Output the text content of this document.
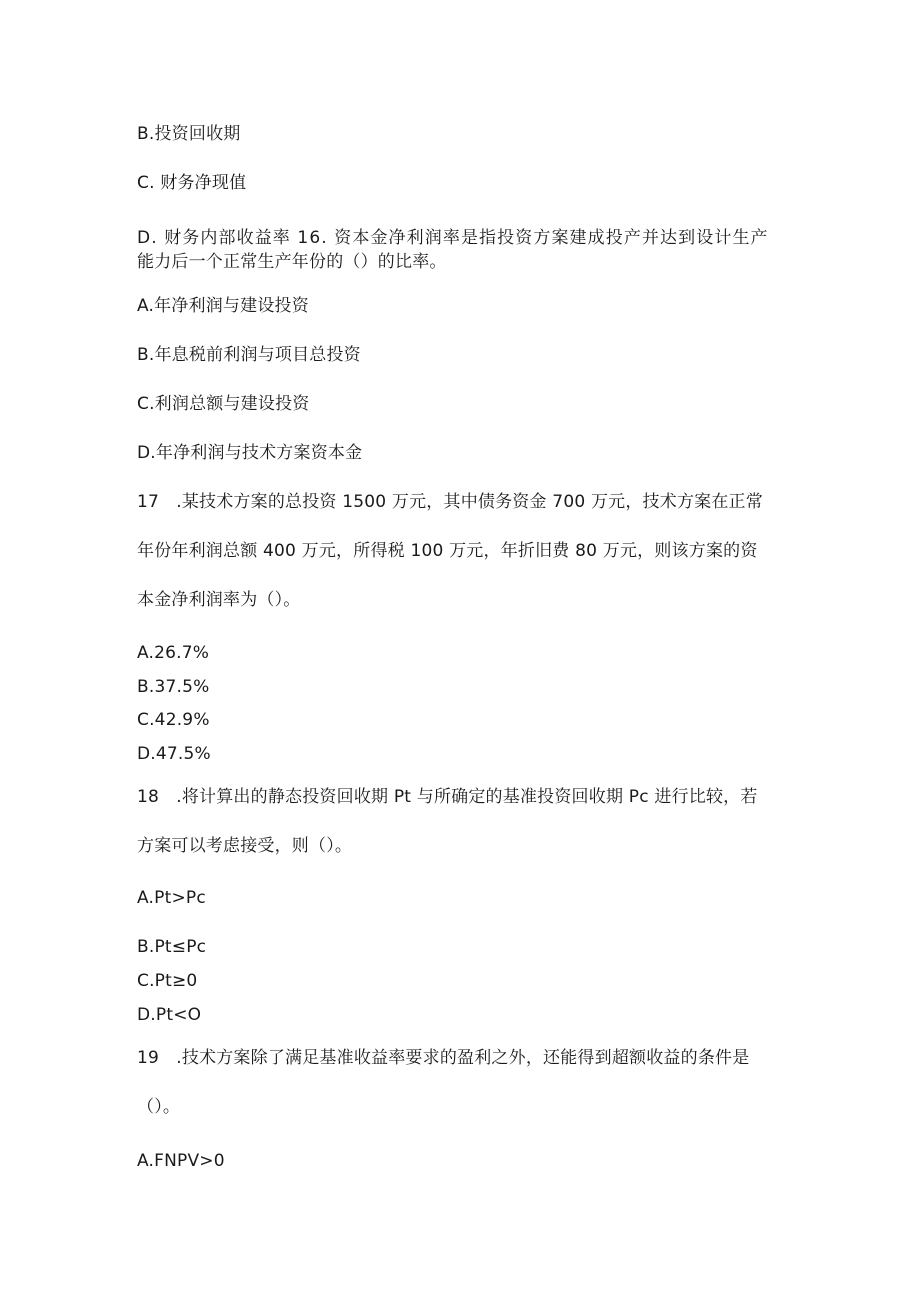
B.投资回收期
C. 财务净现值
D. 财务内部收益率 16. 资本金净利润率是指投资方案建成投产并达到设计生产
能力后一个正常生产年份的（）的比率。
A.年净利润与建设投资
B.年息税前利润与项目总投资
C.利润总额与建设投资
D.年净利润与技术方案资本金
17　.某技术方案的总投资 1500 万元，其中债务资金 700 万元，技术方案在正常
年份年利润总额 400 万元，所得税 100 万元，年折旧费 80 万元，则该方案的资
本金净利润率为（）。
A.26.7%
B.37.5%
C.42.9%
D.47.5%
18　.将计算出的静态投资回收期 Pt 与所确定的基准投资回收期 Pc 进行比较，若
方案可以考虑接受，则（）。
A.Pt>Pc
B.Pt≤Pc
C.Pt≥0
D.Pt<O
19　.技术方案除了满足基准收益率要求的盈利之外，还能得到超额收益的条件是
（）。
A.FNPV>0
